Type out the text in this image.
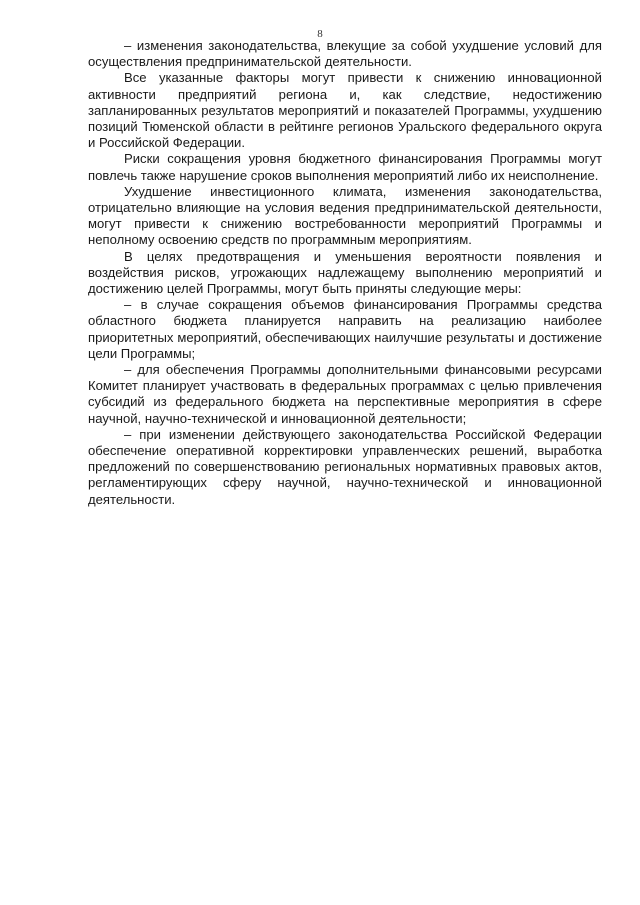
8

– изменения законодательства, влекущие за собой ухудшение условий для осуществления предпринимательской деятельности.

Все указанные факторы могут привести к снижению инновационной активности предприятий региона и, как следствие, недостижению запланированных результатов мероприятий и показателей Программы, ухудшению позиций Тюменской области в рейтинге регионов Уральского федерального округа и Российской Федерации.

Риски сокращения уровня бюджетного финансирования Программы могут повлечь также нарушение сроков выполнения мероприятий либо их неисполнение.

Ухудшение инвестиционного климата, изменения законодательства, отрицательно влияющие на условия ведения предпринимательской деятельности, могут привести к снижению востребованности мероприятий Программы и неполному освоению средств по программным мероприятиям.

В целях предотвращения и уменьшения вероятности появления и воздействия рисков, угрожающих надлежащему выполнению мероприятий и достижению целей Программы, могут быть приняты следующие меры:

– в случае сокращения объемов финансирования Программы средства областного бюджета планируется направить на реализацию наиболее приоритетных мероприятий, обеспечивающих наилучшие результаты и достижение цели Программы;

– для обеспечения Программы дополнительными финансовыми ресурсами Комитет планирует участвовать в федеральных программах с целью привлечения субсидий из федерального бюджета на перспективные мероприятия в сфере научной, научно-технической и инновационной деятельности;

– при изменении действующего законодательства Российской Федерации обеспечение оперативной корректировки управленческих решений, выработка предложений по совершенствованию региональных нормативных правовых актов, регламентирующих сферу научной, научно-технической и инновационной деятельности.
